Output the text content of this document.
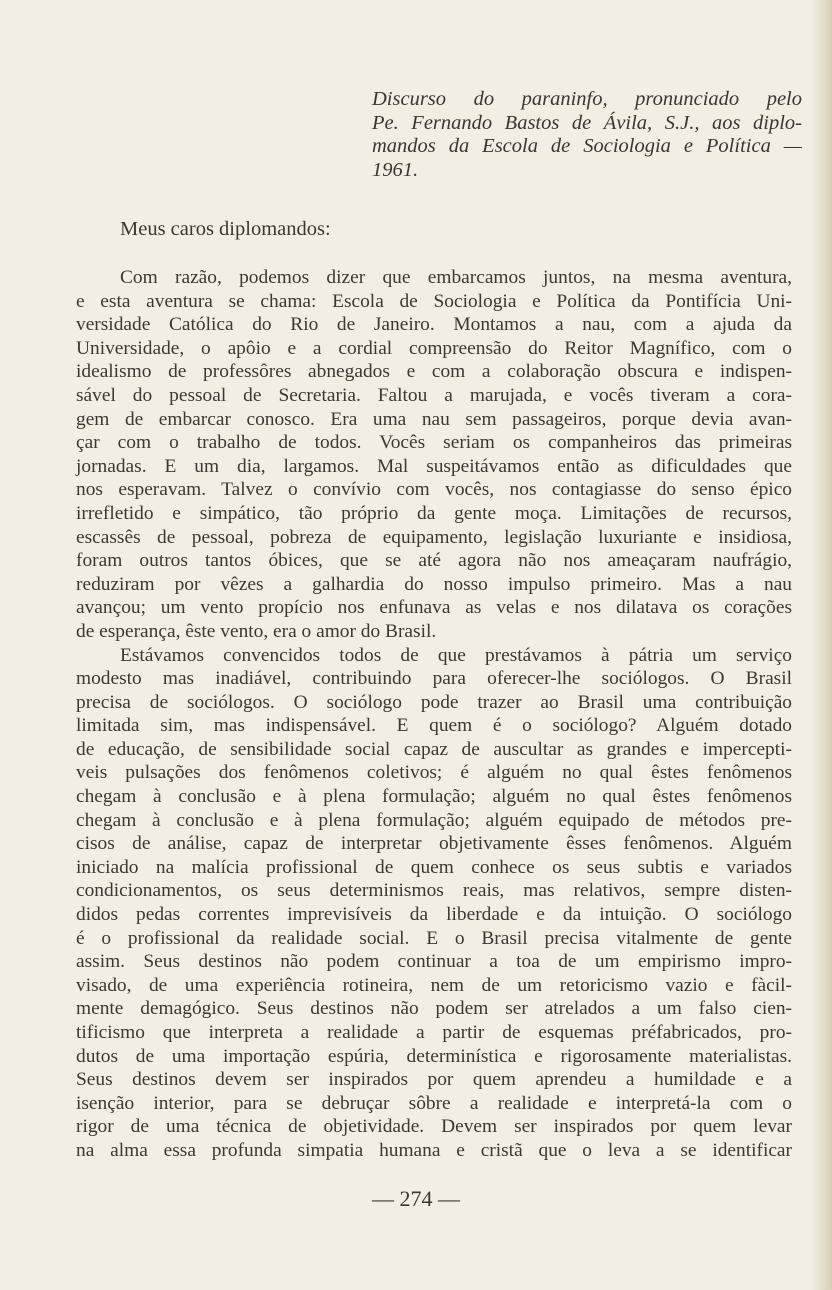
Discurso do paraninfo, pronunciado pelo
Pe. Fernando Bastos de Ávila, S.J., aos diplo-
mandos da Escola de Sociologia e Política —
1961.
Meus caros diplomandos:
Com razão, podemos dizer que embarcamos juntos, na mesma aventura,
e esta aventura se chama: Escola de Sociologia e Política da Pontifícia Uni-
versidade Católica do Rio de Janeiro. Montamos a nau, com a ajuda da
Universidade, o apôio e a cordial compreensão do Reitor Magnífico, com o
idealismo de professôres abnegados e com a colaboração obscura e indispen-
sável do pessoal de Secretaria. Faltou a marujada, e vocês tiveram a cora-
gem de embarcar conosco. Era uma nau sem passageiros, porque devia avan-
çar com o trabalho de todos. Vocês seriam os companheiros das primeiras
jornadas. E um dia, largamos. Mal suspeitávamos então as dificuldades que
nos esperavam. Talvez o convívio com vocês, nos contagiasse do senso épico
irrefletido e simpático, tão próprio da gente moça. Limitações de recursos,
escassês de pessoal, pobreza de equipamento, legislação luxuriante e insidiosa,
foram outros tantos óbices, que se até agora não nos ameaçaram naufrágio,
reduziram por vêzes a galhardia do nosso impulso primeiro. Mas a nau
avançou; um vento propício nos enfunava as velas e nos dilatava os corações
de esperança, êste vento, era o amor do Brasil.
Estávamos convencidos todos de que prestávamos à pátria um serviço
modesto mas inadiável, contribuindo para oferecer-lhe sociólogos. O Brasil
precisa de sociólogos. O sociólogo pode trazer ao Brasil uma contribuição
limitada sim, mas indispensável. E quem é o sociólogo? Alguém dotado
de educação, de sensibilidade social capaz de auscultar as grandes e impercepti-
veis pulsações dos fenômenos coletivos; é alguém no qual êstes fenômenos
chegam à conclusão e à plena formulação; alguém no qual êstes fenômenos
chegam à conclusão e à plena formulação; alguém equipado de métodos pre-
cisos de análise, capaz de interpretar objetivamente êsses fenômenos. Alguém
iniciado na malícia profissional de quem conhece os seus subtis e variados
condicionamentos, os seus determinismos reais, mas relativos, sempre disten-
didos pedas correntes imprevisíveis da liberdade e da intuição. O sociólogo
é o profissional da realidade social. E o Brasil precisa vitalmente de gente
assim. Seus destinos não podem continuar a toa de um empirismo impro-
visado, de uma experiência rotineira, nem de um retoricismo vazio e fàcil-
mente demagógico. Seus destinos não podem ser atrelados a um falso cien-
tificismo que interpreta a realidade a partir de esquemas préfabricados, pro-
dutos de uma importação espúria, determinística e rigorosamente materialistas.
Seus destinos devem ser inspirados por quem aprendeu a humildade e a
isenção interior, para se debruçar sôbre a realidade e interpretá-la com o
rigor de uma técnica de objetividade. Devem ser inspirados por quem levar
na alma essa profunda simpatia humana e cristã que o leva a se identificar
— 274 —
